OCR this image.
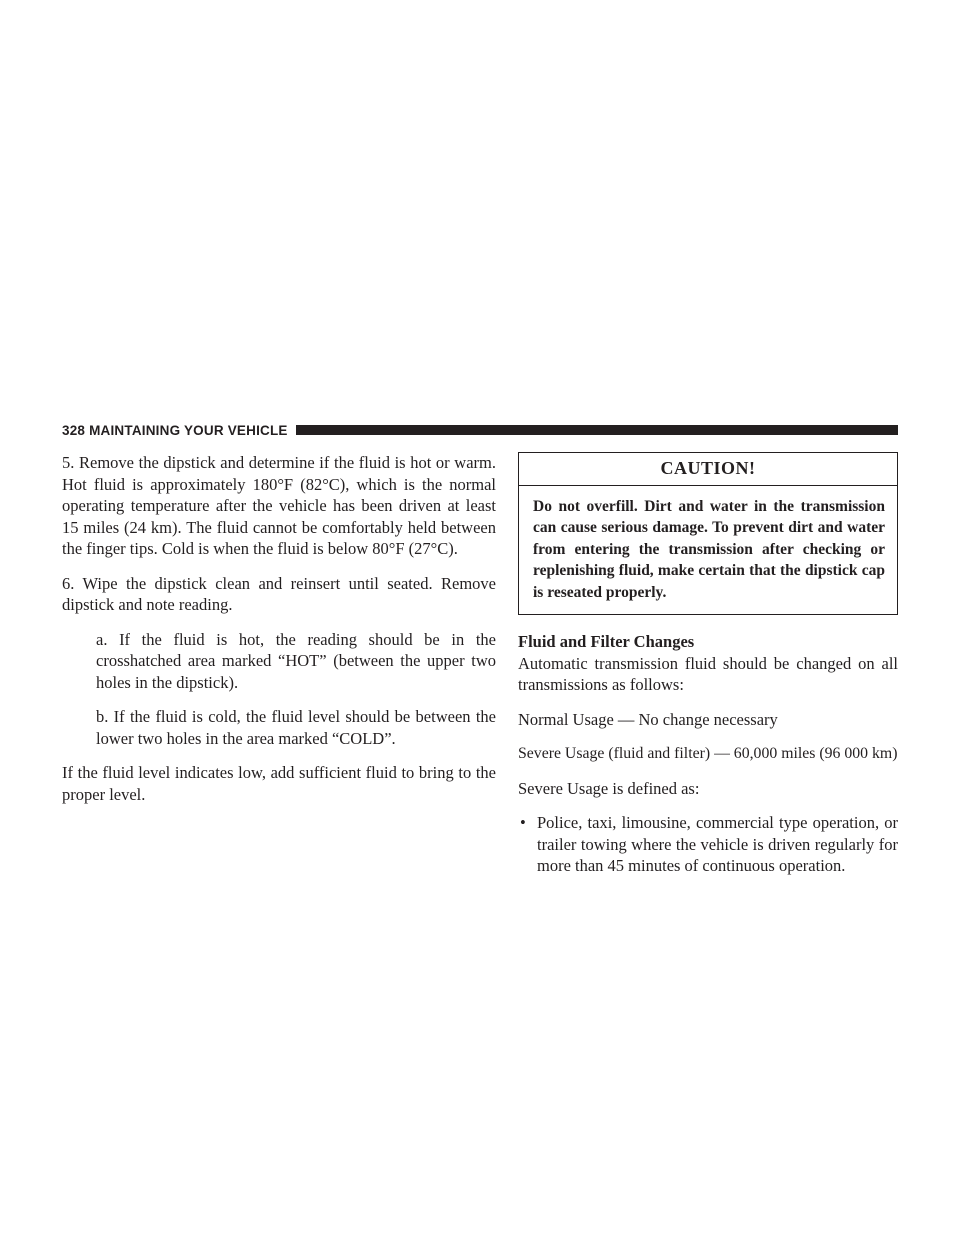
328 MAINTAINING YOUR VEHICLE

5. Remove the dipstick and determine if the fluid is hot or warm. Hot fluid is approximately 180°F (82°C), which is the normal operating temperature after the vehicle has been driven at least 15 miles (24 km). The fluid cannot be comfortably held between the finger tips. Cold is when the fluid is below 80°F (27°C).

6. Wipe the dipstick clean and reinsert until seated. Remove dipstick and note reading.

a. If the fluid is hot, the reading should be in the crosshatched area marked “HOT” (between the upper two holes in the dipstick).

b. If the fluid is cold, the fluid level should be between the lower two holes in the area marked “COLD”.

If the fluid level indicates low, add sufficient fluid to bring to the proper level.

CAUTION!
Do not overfill. Dirt and water in the transmission can cause serious damage. To prevent dirt and water from entering the transmission after checking or replenishing fluid, make certain that the dipstick cap is reseated properly.

Fluid and Filter Changes

Automatic transmission fluid should be changed on all transmissions as follows:

Normal Usage — No change necessary

Severe Usage (fluid and filter) — 60,000 miles (96 000 km)

Severe Usage is defined as:

• Police, taxi, limousine, commercial type operation, or trailer towing where the vehicle is driven regularly for more than 45 minutes of continuous operation.
